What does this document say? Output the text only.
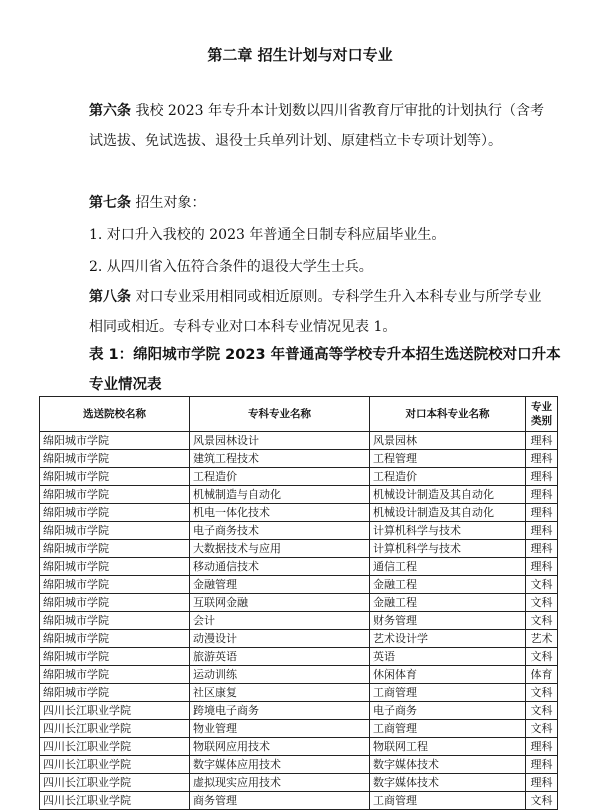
第二章 招生计划与对口专业

第六条 我校 2023 年专升本计划数以四川省教育厅审批的计划执行（含考试选拔、免试选拔、退役士兵单列计划、原建档立卡专项计划等）。

第七条 招生对象：

1. 对口升入我校的 2023 年普通全日制专科应届毕业生。

2. 从四川省入伍符合条件的退役大学生士兵。

第八条 对口专业采用相同或相近原则。专科学生升入本科专业与所学专业相同或相近。专科专业对口本科专业情况见表 1。

表 1：绵阳城市学院 2023 年普通高等学校专升本招生选送院校对口升本专业情况表

选送院校名称	专科专业名称	对口本科专业名称	专业类别
绵阳城市学院	风景园林设计	风景园林	理科
绵阳城市学院	建筑工程技术	工程管理	理科
绵阳城市学院	工程造价	工程造价	理科
绵阳城市学院	机械制造与自动化	机械设计制造及其自动化	理科
绵阳城市学院	机电一体化技术	机械设计制造及其自动化	理科
绵阳城市学院	电子商务技术	计算机科学与技术	理科
绵阳城市学院	大数据技术与应用	计算机科学与技术	理科
绵阳城市学院	移动通信技术	通信工程	理科
绵阳城市学院	金融管理	金融工程	文科
绵阳城市学院	互联网金融	金融工程	文科
绵阳城市学院	会计	财务管理	文科
绵阳城市学院	动漫设计	艺术设计学	艺术
绵阳城市学院	旅游英语	英语	文科
绵阳城市学院	运动训练	休闲体育	体育
绵阳城市学院	社区康复	工商管理	文科
四川长江职业学院	跨境电子商务	电子商务	文科
四川长江职业学院	物业管理	工商管理	文科
四川长江职业学院	物联网应用技术	物联网工程	理科
四川长江职业学院	数字媒体应用技术	数字媒体技术	理科
四川长江职业学院	虚拟现实应用技术	数字媒体技术	理科
四川长江职业学院	商务管理	工商管理	文科
